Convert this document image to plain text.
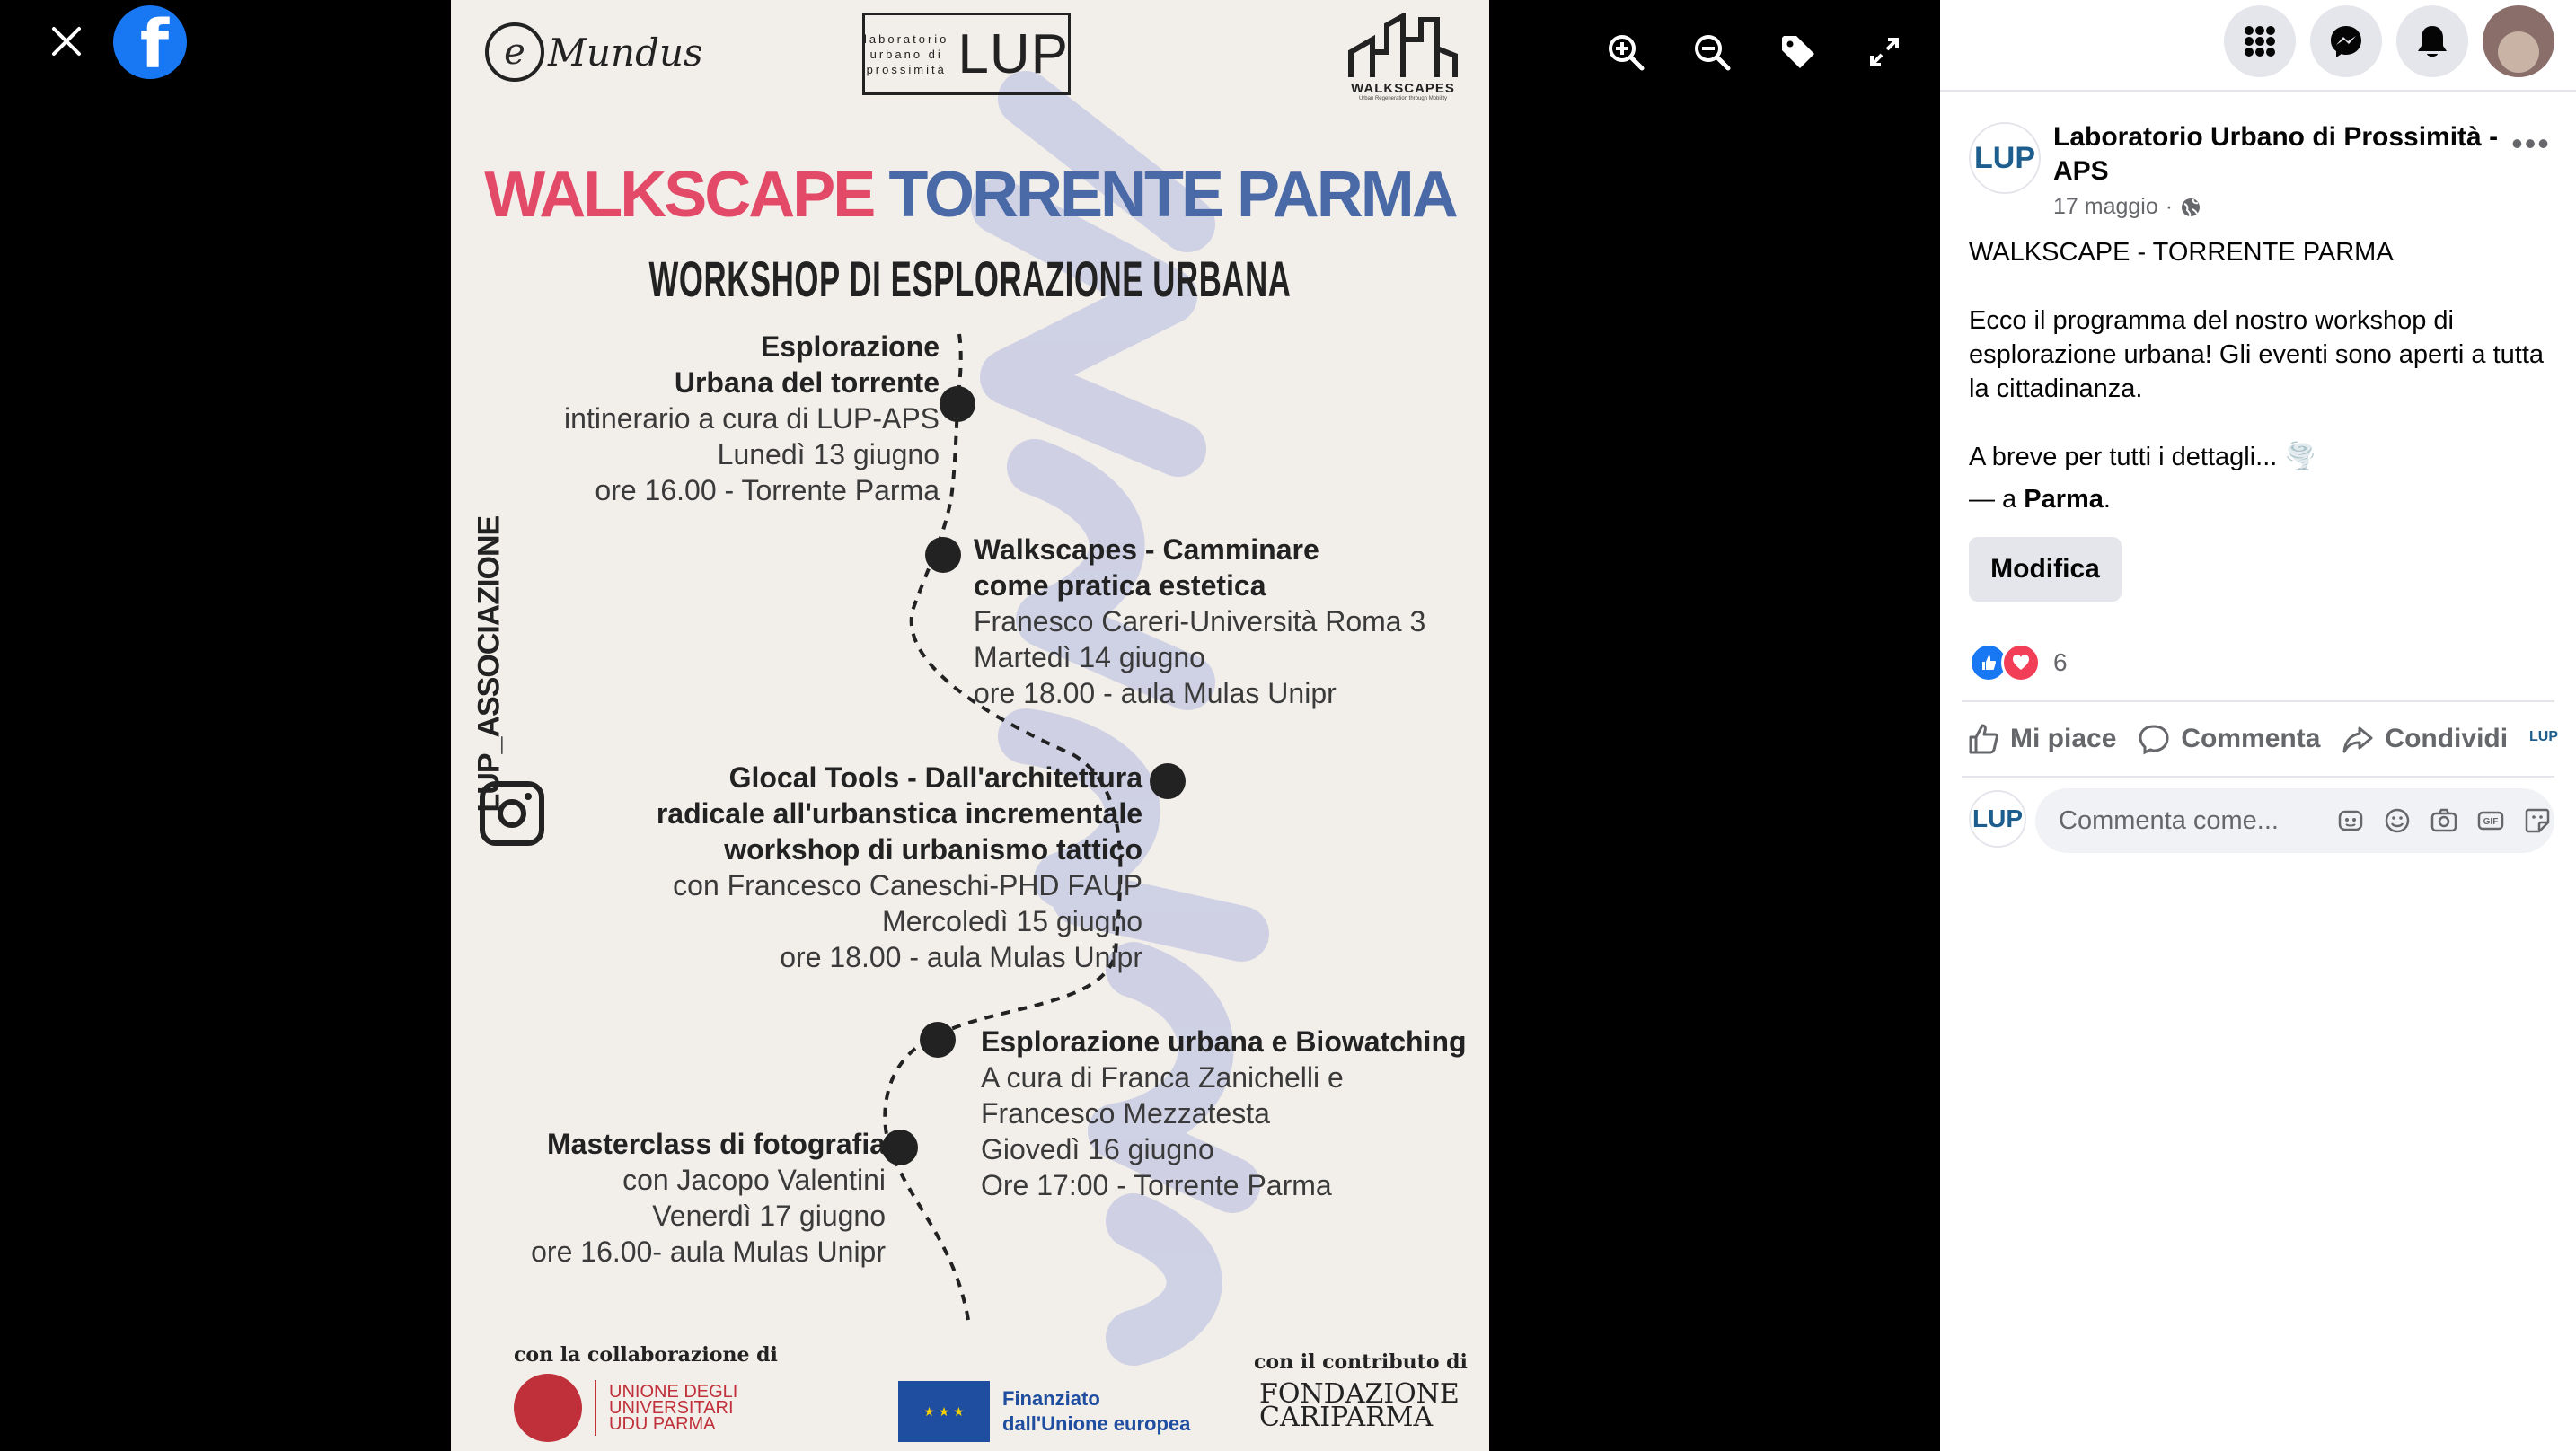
f	e Mundus	laboratorio urbano di prossimità LUP
WALKSCAPES
Urban Regeneration through Mobility
WALKSCAPE TORRENTE PARMA
WORKSHOP DI ESPLORAZIONE URBANA
Esplorazione
Urbana del torrente
intinerario a cura di LUP-APS
Lunedì 13 giugno
ore 16.00 - Torrente Parma
Walkscapes - Camminare
come pratica estetica
Franesco Careri-Università Roma 3
Martedì 14 giugno
ore 18.00 - aula Mulas Unipr
Glocal Tools - Dall'architettura
radicale all'urbanstica incrementale
workshop di urbanismo tattico
con Francesco Caneschi-PHD FAUP
Mercoledì 15 giugno
ore 18.00 - aula Mulas Unipr
Esplorazione urbana e Biowatching
A cura di Franca Zanichelli e
Francesco Mezzatesta
Giovedì 16 giugno
Ore 17:00 - Torrente Parma
Masterclass di fotografia
con Jacopo Valentini
Venerdì 17 giugno
ore 16.00- aula Mulas Unipr
LUP_ASSOCIAZIONE
con la collaborazione di
UNIONE DEGLI
UNIVERSITARI
UDU PARMA
★ ★ ★
Finanziato
dall'Unione europea
con il contributo di
FONDAZIONE
CARIPARMA
LUP
Laboratorio Urbano di Prossimità - APS
17 maggio ·
•••

WALKSCAPE - TORRENTE PARMA

Ecco il programma del nostro workshop di esplorazione urbana! Gli eventi sono aperti a tutta la cittadinanza.

A breve per tutti i dettagli... 🌪️

— a Parma.
Modifica
6
Mi piace Commenta Condividi LUP
LUP
Commenta come...	GIF
